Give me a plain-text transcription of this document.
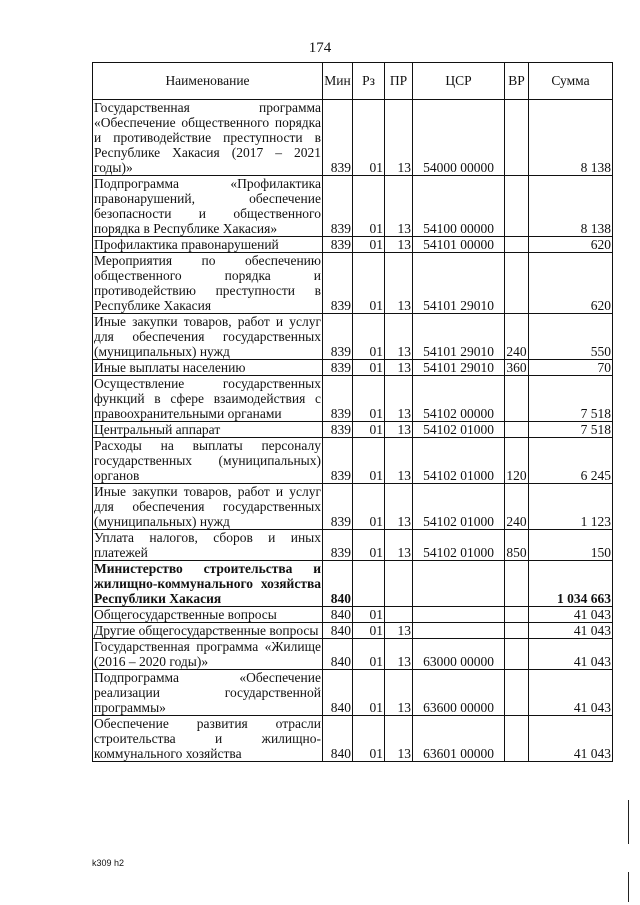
174
Наименование	Мин	Рз	ПР	ЦСР	ВР	Сумма
Государственная программа «Обеспечение общественного порядка и противодействие преступности в Республике Хакасия (2017 – 2021 годы)»	839	01	13	54000 00000		8 138
Подпрограмма «Профилактика правонарушений, обеспечение безопасности и общественного порядка в Республике Хакасия»	839	01	13	54100 00000		8 138
Профилактика правонарушений	839	01	13	54101 00000		620
Мероприятия по обеспечению общественного порядка и противодействию преступности в Республике Хакасия	839	01	13	54101 29010		620
Иные закупки товаров, работ и услуг для обеспечения государственных (муниципальных) нужд	839	01	13	54101 29010	240	550
Иные выплаты населению	839	01	13	54101 29010	360	70
Осуществление государственных функций в сфере взаимодействия с правоохранительными органами	839	01	13	54102 00000		7 518
Центральный аппарат	839	01	13	54102 01000		7 518
Расходы на выплаты персоналу государственных (муниципальных) органов	839	01	13	54102 01000	120	6 245
Иные закупки товаров, работ и услуг для обеспечения государственных (муниципальных) нужд	839	01	13	54102 01000	240	1 123
Уплата налогов, сборов и иных платежей	839	01	13	54102 01000	850	150
Министерство строительства и жилищно-коммунального хозяйства Республики Хакасия	840					1 034 663
Общегосударственные вопросы	840	01				41 043
Другие общегосударственные вопросы	840	01	13			41 043
Государственная программа «Жилище (2016 – 2020 годы)»	840	01	13	63000 00000		41 043
Подпрограмма «Обеспечение реализации государственной программы»	840	01	13	63600 00000		41 043
Обеспечение развития отрасли строительства и жилищно-коммунального хозяйства	840	01	13	63601 00000		41 043
k309 h2
